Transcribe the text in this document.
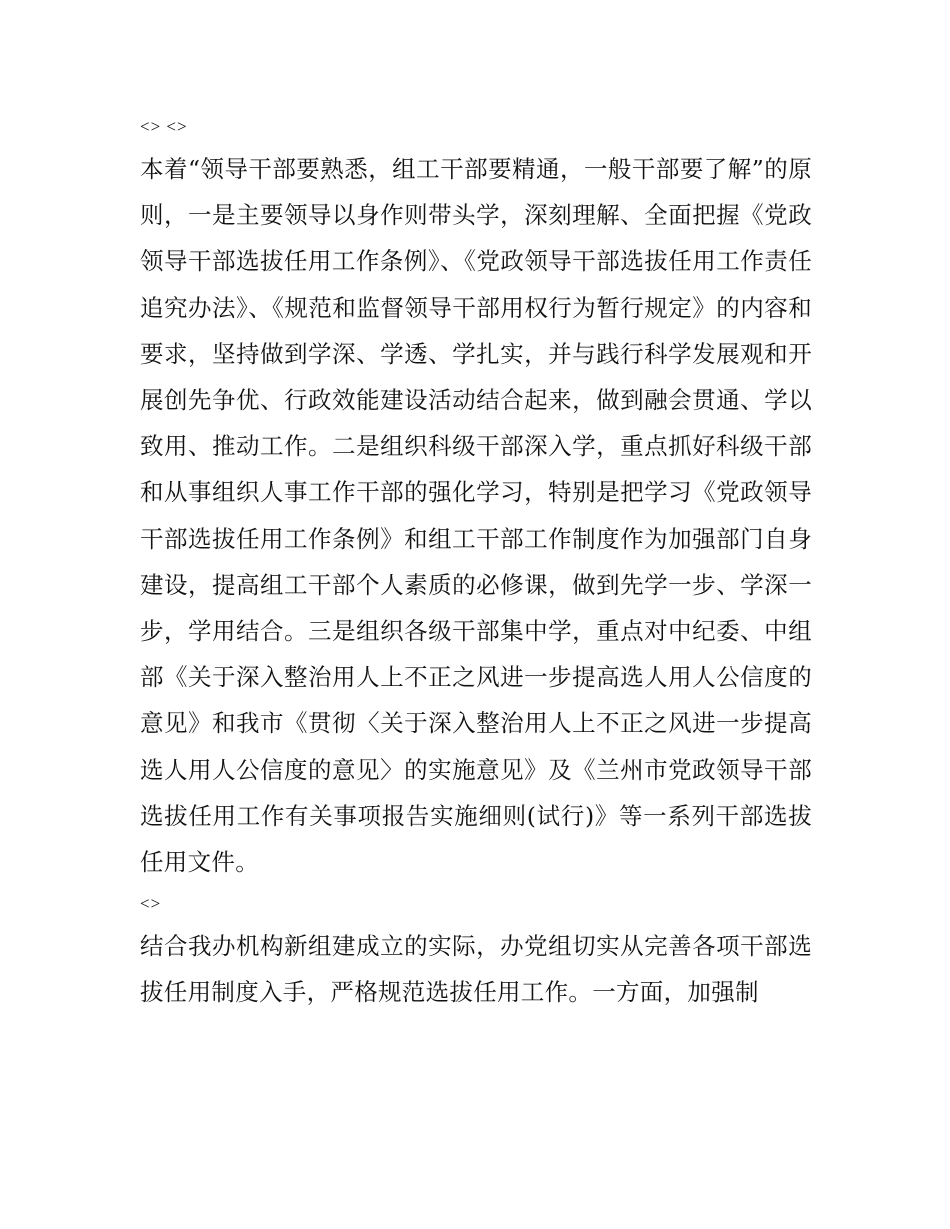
<> <>

本着“领导干部要熟悉，组工干部要精通，一般干部要了解”的原则，一是主要领导以身作则带头学，深刻理解、全面把握《党政领导干部选拔任用工作条例》、《党政领导干部选拔任用工作责任追究办法》、《规范和监督领导干部用权行为暂行规定》的内容和要求，坚持做到学深、学透、学扎实，并与践行科学发展观和开展创先争优、行政效能建设活动结合起来，做到融会贯通、学以致用、推动工作。二是组织科级干部深入学，重点抓好科级干部和从事组织人事工作干部的强化学习，特别是把学习《党政领导干部选拔任用工作条例》和组工干部工作制度作为加强部门自身建设，提高组工干部个人素质的必修课，做到先学一步、学深一步，学用结合。三是组织各级干部集中学，重点对中纪委、中组部《关于深入整治用人上不正之风进一步提高选人用人公信度的意见》和我市《贯彻〈关于深入整治用人上不正之风进一步提高选人用人公信度的意见〉的实施意见》及《兰州市党政领导干部选拔任用工作有关事项报告实施细则(试行)》等一系列干部选拔任用文件。

<>

结合我办机构新组建成立的实际，办党组切实从完善各项干部选拔任用制度入手，严格规范选拔任用工作。一方面，加强制
